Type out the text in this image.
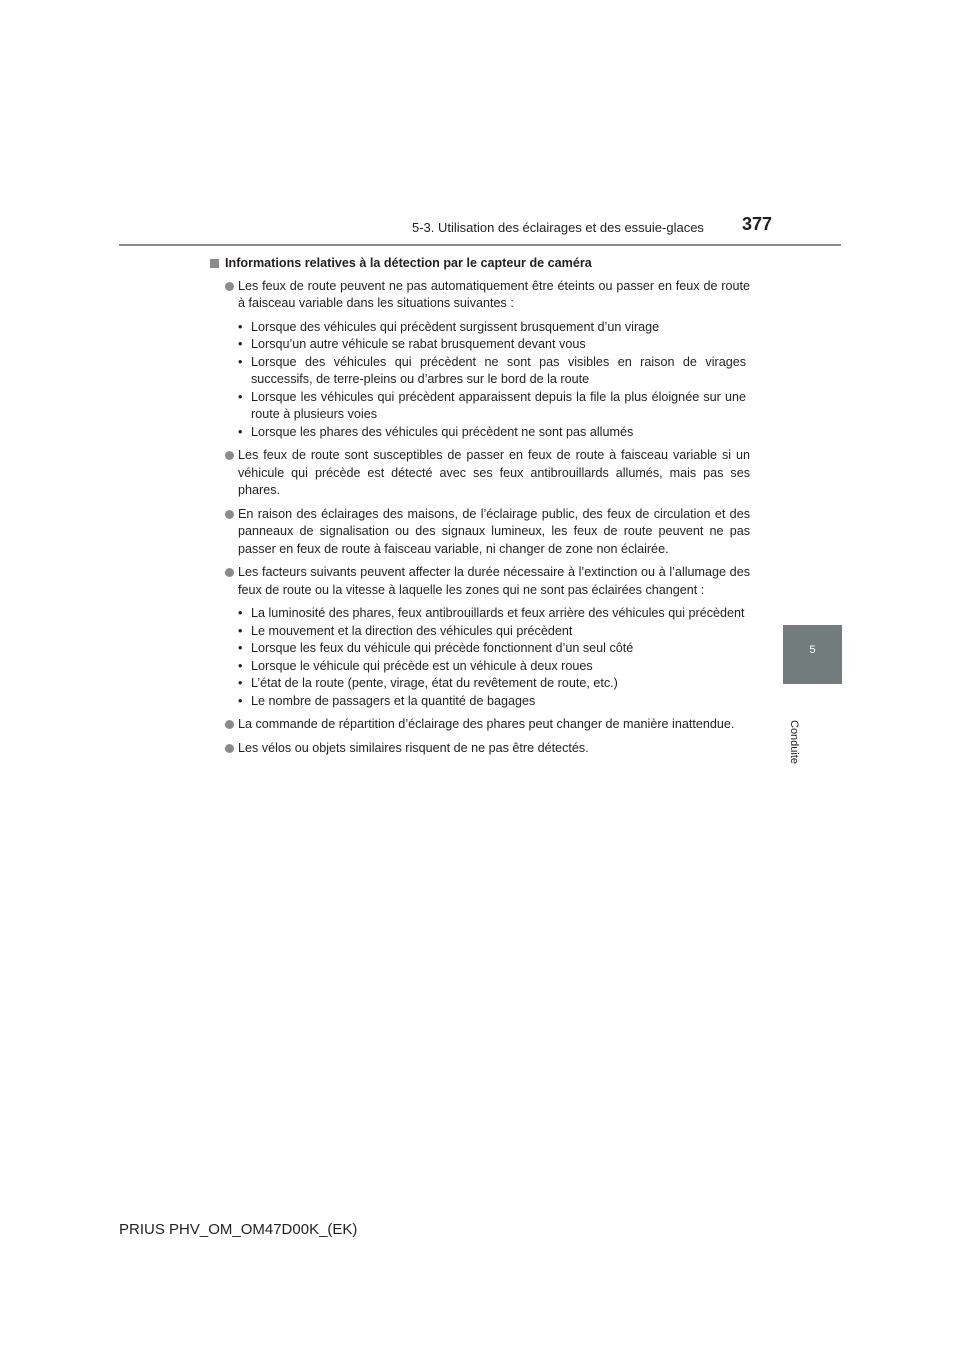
5-3. Utilisation des éclairages et des essuie-glaces 377
5
Conduite
Informations relatives à la détection par le capteur de caméra
Les feux de route peuvent ne pas automatiquement être éteints ou passer en feux de route à faisceau variable dans les situations suivantes :
• Lorsque des véhicules qui précèdent surgissent brusquement d’un virage
• Lorsqu’un autre véhicule se rabat brusquement devant vous
• Lorsque des véhicules qui précèdent ne sont pas visibles en raison de virages successifs, de terre-pleins ou d’arbres sur le bord de la route
• Lorsque les véhicules qui précèdent apparaissent depuis la file la plus éloignée sur une route à plusieurs voies
• Lorsque les phares des véhicules qui précèdent ne sont pas allumés
Les feux de route sont susceptibles de passer en feux de route à faisceau variable si un véhicule qui précède est détecté avec ses feux antibrouillards allumés, mais pas ses phares.
En raison des éclairages des maisons, de l’éclairage public, des feux de circulation et des panneaux de signalisation ou des signaux lumineux, les feux de route peuvent ne pas passer en feux de route à faisceau variable, ni changer de zone non éclairée.
Les facteurs suivants peuvent affecter la durée nécessaire à l’extinction ou à l’allumage des feux de route ou la vitesse à laquelle les zones qui ne sont pas éclairées changent :
• La luminosité des phares, feux antibrouillards et feux arrière des véhicules qui précèdent
• Le mouvement et la direction des véhicules qui précèdent
• Lorsque les feux du véhicule qui précède fonctionnent d’un seul côté
• Lorsque le véhicule qui précède est un véhicule à deux roues
• L’état de la route (pente, virage, état du revêtement de route, etc.)
• Le nombre de passagers et la quantité de bagages
La commande de répartition d’éclairage des phares peut changer de manière inattendue.
Les vélos ou objets similaires risquent de ne pas être détectés.
PRIUS PHV_OM_OM47D00K_(EK)
